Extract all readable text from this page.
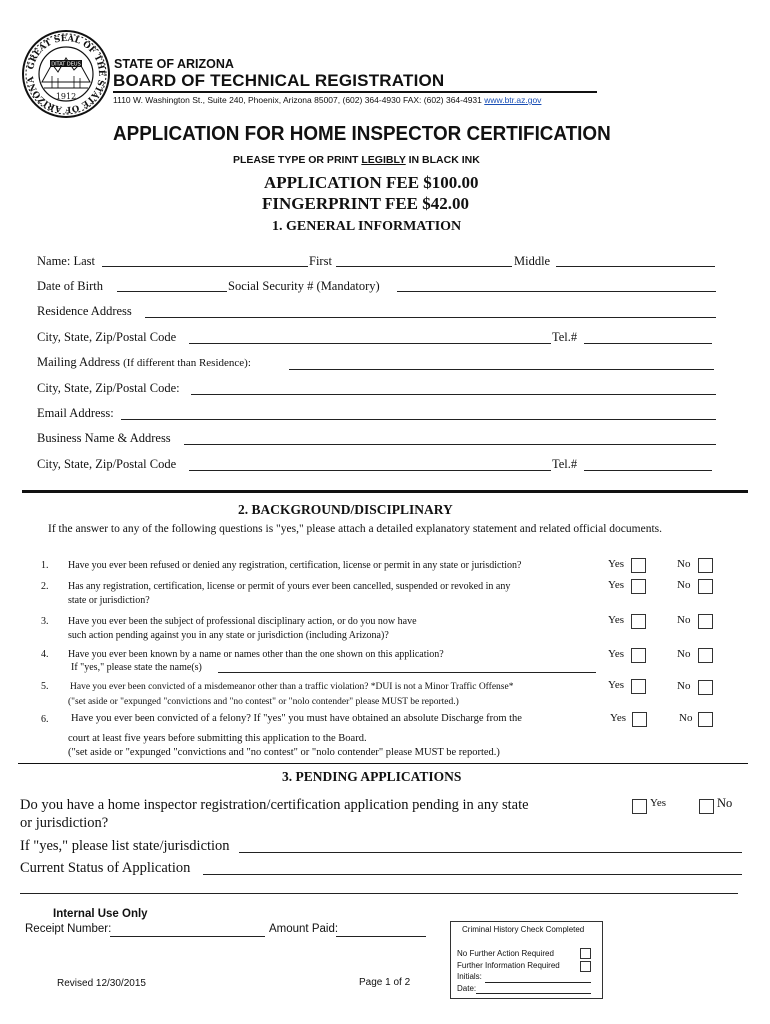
GREAT SEAL OF THE STATE OF ARIZONA
DITAT DEUS
1912
STATE OF ARIZONA
BOARD OF TECHNICAL REGISTRATION
1110 W. Washington St., Suite 240, Phoenix, Arizona 85007, (602) 364-4930 FAX: (602) 364-4931 www.btr.az.gov
APPLICATION FOR HOME INSPECTOR CERTIFICATION
PLEASE TYPE OR PRINT LEGIBLY IN BLACK INK
APPLICATION FEE $100.00
FINGERPRINT FEE $42.00
1. GENERAL INFORMATION
Name: Last	First	Middle
Date of Birth	Social Security # (Mandatory)
Residence Address
City, State, Zip/Postal Code	Tel.#
Mailing Address (If different than Residence):
City, State, Zip/Postal Code:
Email Address:
Business Name & Address
City, State, Zip/Postal Code	Tel.#
2. BACKGROUND/DISCIPLINARY
If the answer to any of the following questions is "yes," please attach a detailed explanatory statement and related official documents.
1. Have you ever been refused or denied any registration, certification, license or permit in any state or jurisdiction?	Yes	No
2. Has any registration, certification, license or permit of yours ever been cancelled, suspended or revoked in any
state or jurisdiction?
Yes	No
3. Have you ever been the subject of professional disciplinary action, or do you now have
such action pending against you in any state or jurisdiction (including Arizona)?
Yes	No
4. Have you ever been known by a name or names other than the one shown on this application?
If "yes," please state the name(s)
Yes	No
5. Have you ever been convicted of a misdemeanor other than a traffic violation? *DUI is not a Minor Traffic Offense*
("set aside or "expunged "convictions and "no contest" or "nolo contender" please MUST be reported.)
Yes	No
6. Have you ever been convicted of a felony? If "yes" you must have obtained an absolute Discharge from the
court at least five years before submitting this application to the Board.
("set aside or "expunged "convictions and "no contest" or "nolo contender" please MUST be reported.)
Yes	No
3. PENDING APPLICATIONS
Do you have a home inspector registration/certification application pending in any state
or jurisdiction?
Yes	No
If "yes," please list state/jurisdiction
Current Status of Application
Internal Use Only
Receipt Number:	Amount Paid:	Criminal History Check Completed
No Further Action Required
Further Information Required
Initials:
Date:
Revised 12/30/2015	Page 1 of 2
